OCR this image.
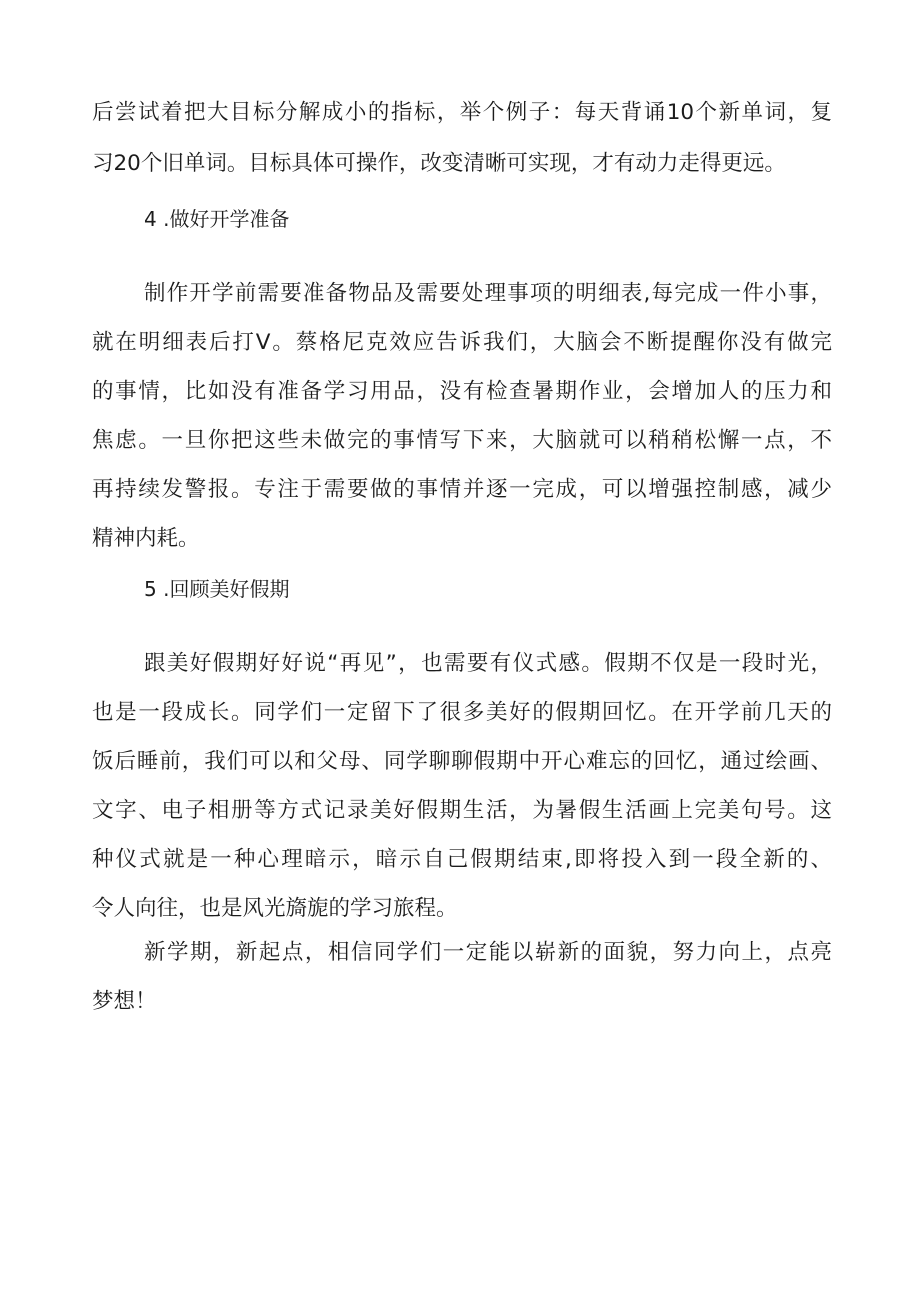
后尝试着把大目标分解成小的指标，举个例子：每天背诵10个新单词，复
习20个旧单词。目标具体可操作，改变清晰可实现，才有动力走得更远。
4 .做好开学准备
制作开学前需要准备物品及需要处理事项的明细表,每完成一件小事，
就在明细表后打V。蔡格尼克效应告诉我们，大脑会不断提醒你没有做完
的事情，比如没有准备学习用品，没有检查暑期作业，会增加人的压力和
焦虑。一旦你把这些未做完的事情写下来，大脑就可以稍稍松懈一点，不
再持续发警报。专注于需要做的事情并逐一完成，可以增强控制感，减少
精神内耗。
5 .回顾美好假期
跟美好假期好好说“再见”，也需要有仪式感。假期不仅是一段时光，
也是一段成长。同学们一定留下了很多美好的假期回忆。在开学前几天的
饭后睡前，我们可以和父母、同学聊聊假期中开心难忘的回忆，通过绘画、
文字、电子相册等方式记录美好假期生活，为暑假生活画上完美句号。这
种仪式就是一种心理暗示，暗示自己假期结束,即将投入到一段全新的、
令人向往，也是风光旖旎的学习旅程。
新学期，新起点，相信同学们一定能以崭新的面貌，努力向上，点亮
梦想！
